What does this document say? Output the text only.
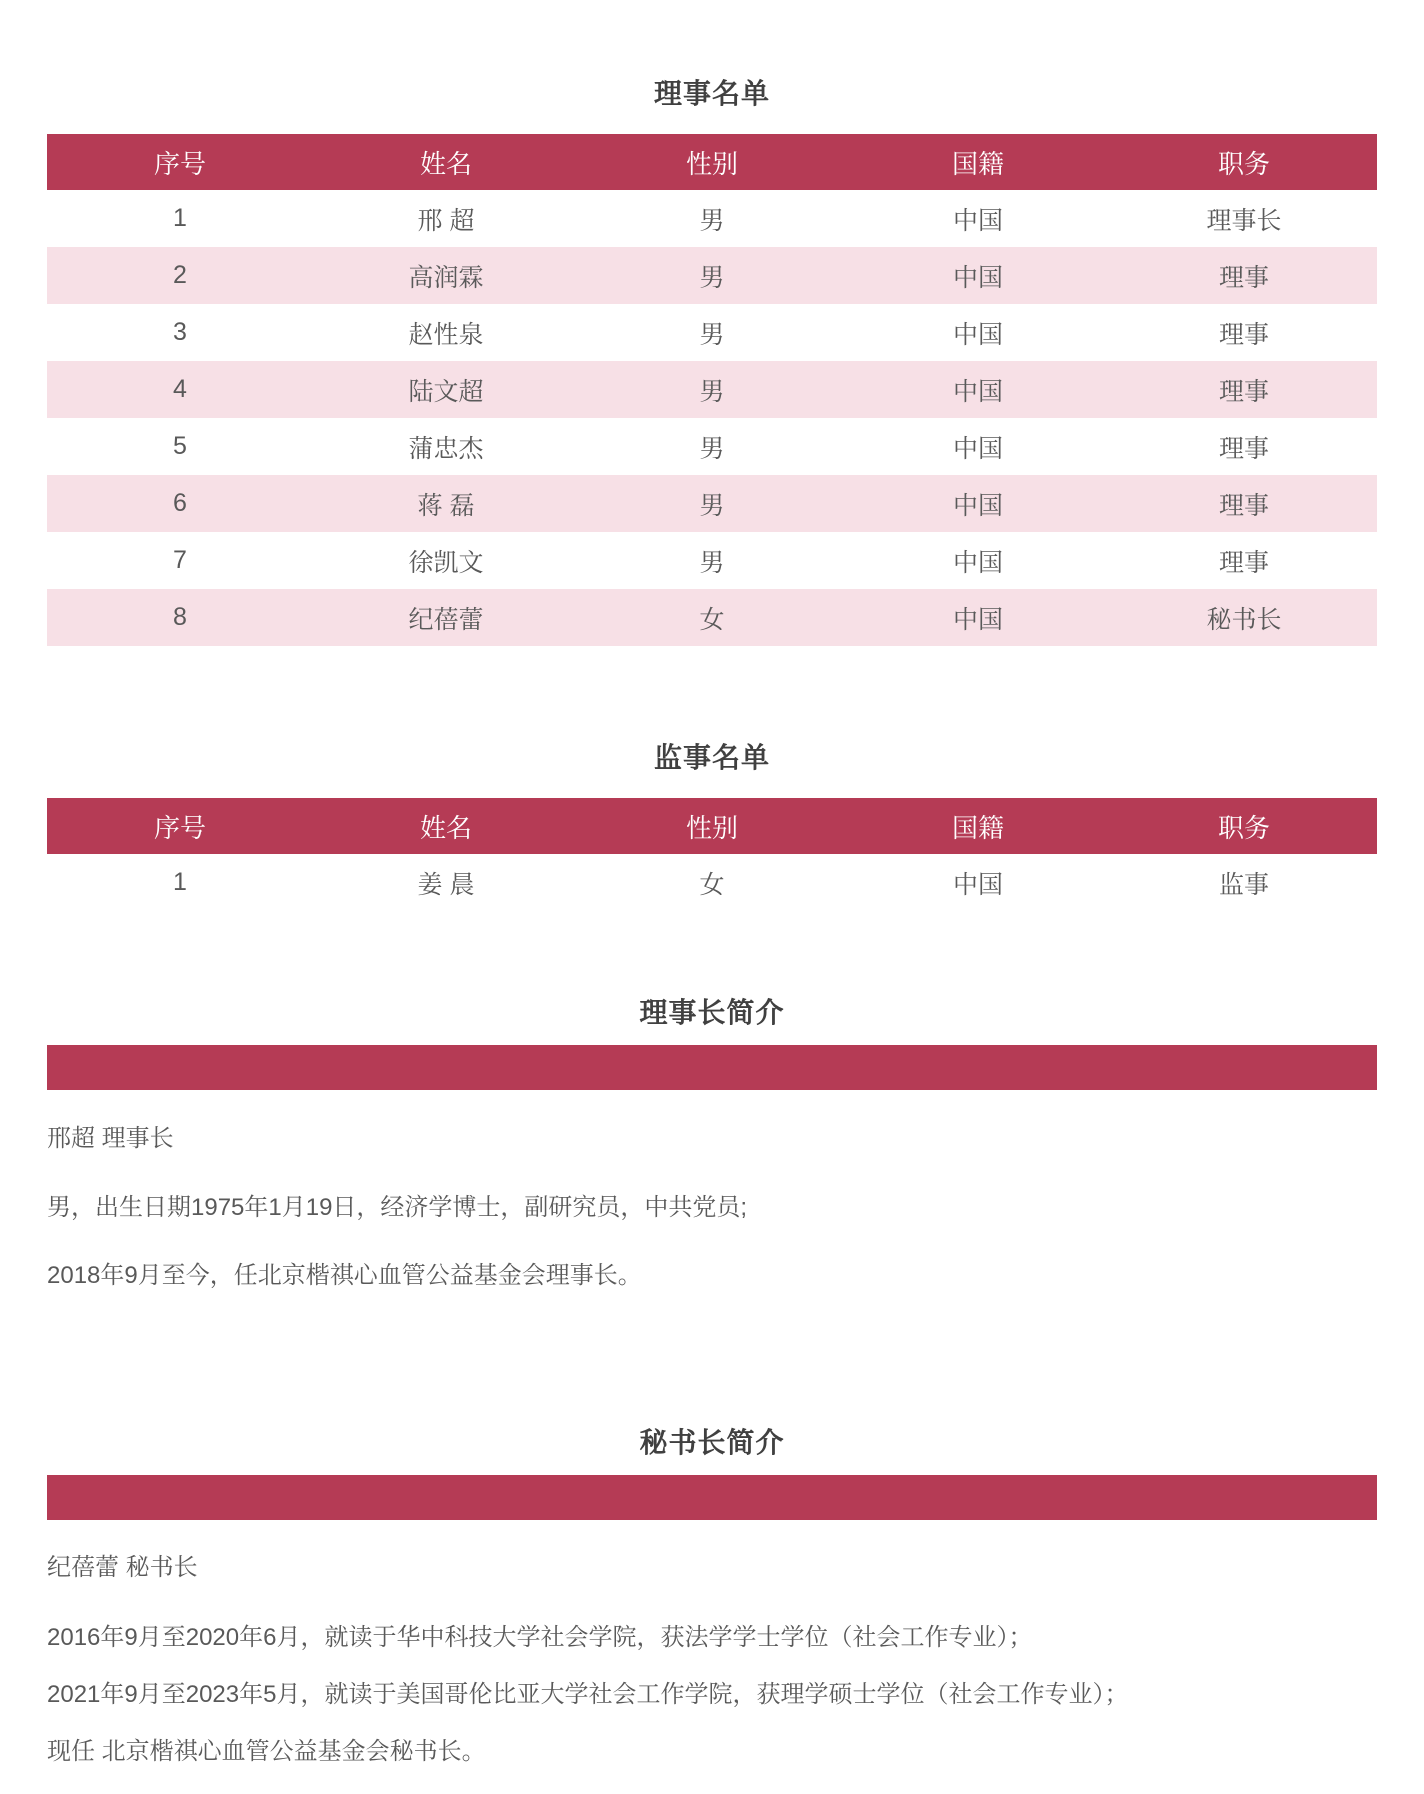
理事名单
序号	姓名	性别	国籍	职务
1	邢 超	男	中国	理事长
2	高润霖	男	中国	理事
3	赵性泉	男	中国	理事
4	陆文超	男	中国	理事
5	蒲忠杰	男	中国	理事
6	蒋 磊	男	中国	理事
7	徐凯文	男	中国	理事
8	纪蓓蕾	女	中国	秘书长
监事名单
序号	姓名	性别	国籍	职务
1	姜 晨	女	中国	监事
理事长简介

邢超 理事长

男，出生日期1975年1月19日，经济学博士，副研究员，中共党员;

2018年9月至今，任北京楷祺心血管公益基金会理事长。

秘书长简介

纪蓓蕾 秘书长

2016年9月至2020年6月，就读于华中科技大学社会学院，获法学学士学位（社会工作专业）；

2021年9月至2023年5月，就读于美国哥伦比亚大学社会工作学院，获理学硕士学位（社会工作专业）；

现任 北京楷祺心血管公益基金会秘书长。
